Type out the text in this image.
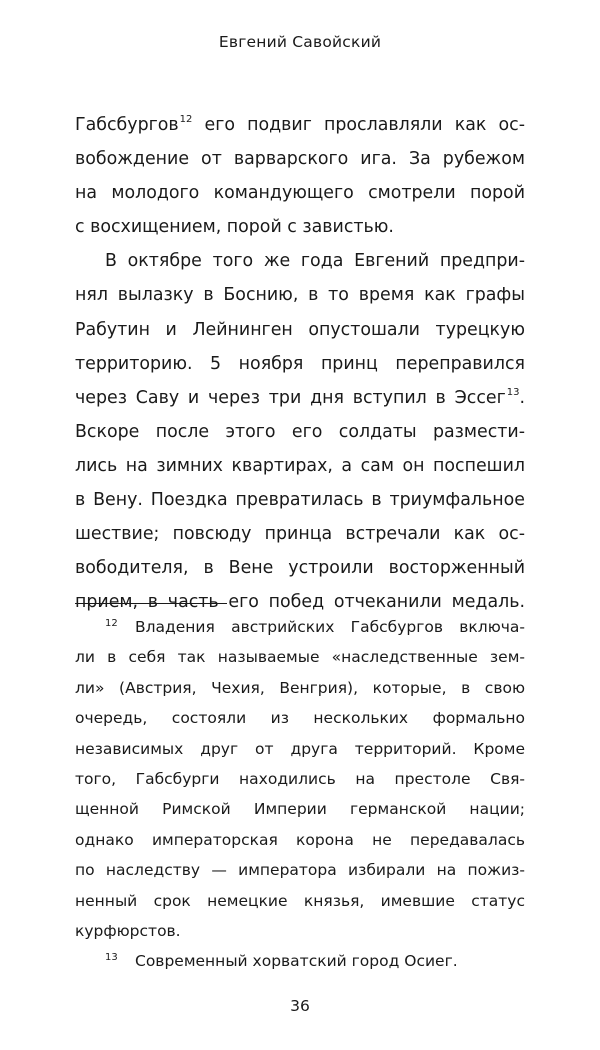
Евгений Савойский
Габсбургов$^{12}$ его подвиг прославляли как ос-
вобождение от варварского ига. За рубежом
на молодого командующего смотрели порой
с восхищением, порой с завистью.
В октябре того же года Евгений предпри-
нял вылазку в Боснию, в то время как графы
Рабутин и Лейнинген опустошали турецкую
территорию. 5 ноября принц переправился
через Саву и через три дня вступил в Эссег$^{13}$.
Вскоре после этого его солдаты размести-
лись на зимних квартирах, а сам он поспешил
в Вену. Поездка превратилась в триумфальное
шествие; повсюду принца встречали как ос-
вободителя, в Вене устроили восторженный
прием, в часть его побед отчеканили медаль.
12 Владения австрийских Габсбургов включа-
ли в себя так называемые «наследственные зем-
ли» (Австрия, Чехия, Венгрия), которые, в свою
очередь, состояли из нескольких формально
независимых друг от друга территорий. Кроме
того, Габсбурги находились на престоле Свя-
щенной Римской Империи германской нации;
однако императорская корона не передавалась
по наследству — императора избирали на пожиз-
ненный срок немецкие князья, имевшие статус
курфюрстов.
13 Современный хорватский город Осиег.
36
